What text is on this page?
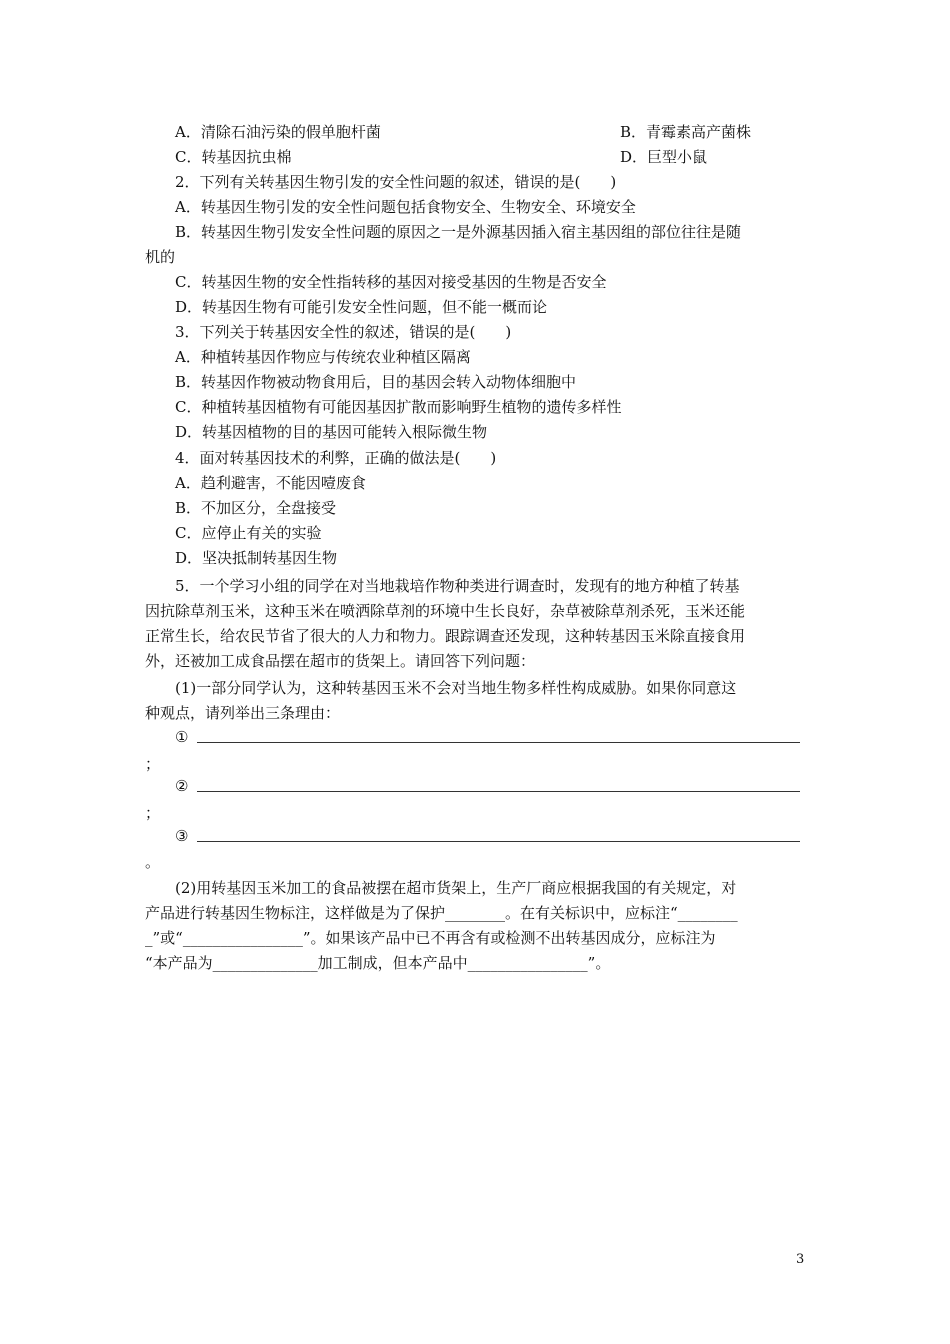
A．清除石油污染的假单胞杆菌	B．青霉素高产菌株
C．转基因抗虫棉	D．巨型小鼠
2．下列有关转基因生物引发的安全性问题的叙述，错误的是(　　)
A．转基因生物引发的安全性问题包括食物安全、生物安全、环境安全
B．转基因生物引发安全性问题的原因之一是外源基因插入宿主基因组的部位往往是随
机的
C．转基因生物的安全性指转移的基因对接受基因的生物是否安全
D．转基因生物有可能引发安全性问题，但不能一概而论
3．下列关于转基因安全性的叙述，错误的是(　　)
A．种植转基因作物应与传统农业种植区隔离
B．转基因作物被动物食用后，目的基因会转入动物体细胞中
C．种植转基因植物有可能因基因扩散而影响野生植物的遗传多样性
D．转基因植物的目的基因可能转入根际微生物
4．面对转基因技术的利弊，正确的做法是(　　)
A．趋利避害，不能因噎废食
B．不加区分，全盘接受
C．应停止有关的实验
D．坚决抵制转基因生物
5．一个学习小组的同学在对当地栽培作物种类进行调查时，发现有的地方种植了转基
因抗除草剂玉米，这种玉米在喷洒除草剂的环境中生长良好，杂草被除草剂杀死，玉米还能
正常生长，给农民节省了很大的人力和物力。跟踪调查还发现，这种转基因玉米除直接食用
外，还被加工成食品摆在超市的货架上。请回答下列问题：
(1)一部分同学认为，这种转基因玉米不会对当地生物多样性构成威胁。如果你同意这
种观点，请列举出三条理由：
①
；
②
；
③
。
(2)用转基因玉米加工的食品被摆在超市货架上，生产厂商应根据我国的有关规定，对
产品进行转基因生物标注，这样做是为了保护________。在有关标识中，应标注“________
_”或“________________”。如果该产品中已不再含有或检测不出转基因成分，应标注为
“本产品为______________加工制成，但本产品中________________”。
3
